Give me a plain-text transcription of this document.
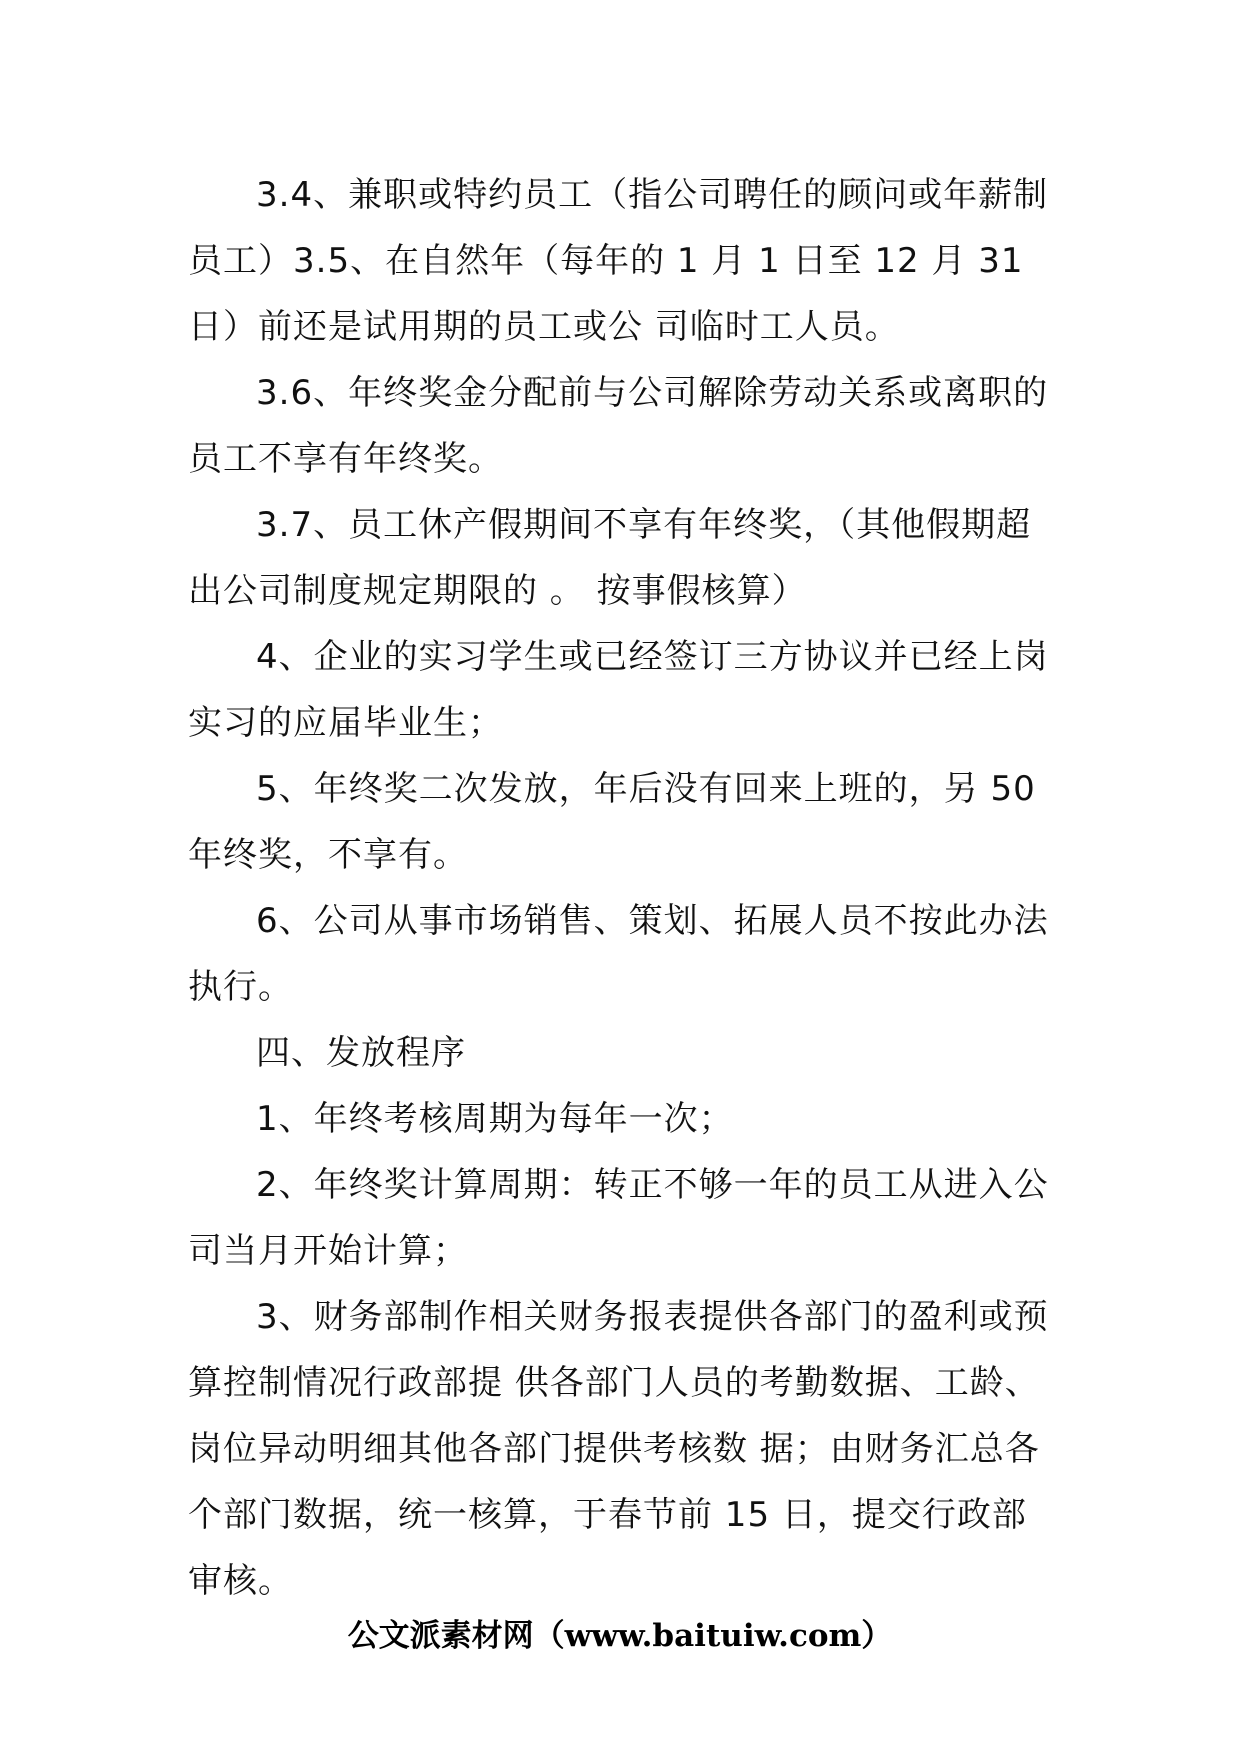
3.4、兼职或特约员工（指公司聘任的顾问或年薪制员工）3.5、在自然年（每年的 1 月 1 日至 12 月 31 日）前还是试用期的员工或公 司临时工人员。

3.6、年终奖金分配前与公司解除劳动关系或离职的员工不享有年终奖。

3.7、员工休产假期间不享有年终奖，（其他假期超出公司制度规定期限的 。 按事假核算）

4、企业的实习学生或已经签订三方协议并已经上岗实习的应届毕业生；

5、年终奖二次发放，年后没有回来上班的，另 50 年终奖，不享有。

6、公司从事市场销售、策划、拓展人员不按此办法执行。

四、发放程序

1、年终考核周期为每年一次；

2、年终奖计算周期：转正不够一年的员工从进入公司当月开始计算；

3、财务部制作相关财务报表提供各部门的盈利或预算控制情况行政部提 供各部门人员的考勤数据、工龄、岗位异动明细其他各部门提供考核数 据；由财务汇总各个部门数据，统一核算，于春节前 15 日，提交行政部 审核。

公文派素材网（www.baituiw.com）
